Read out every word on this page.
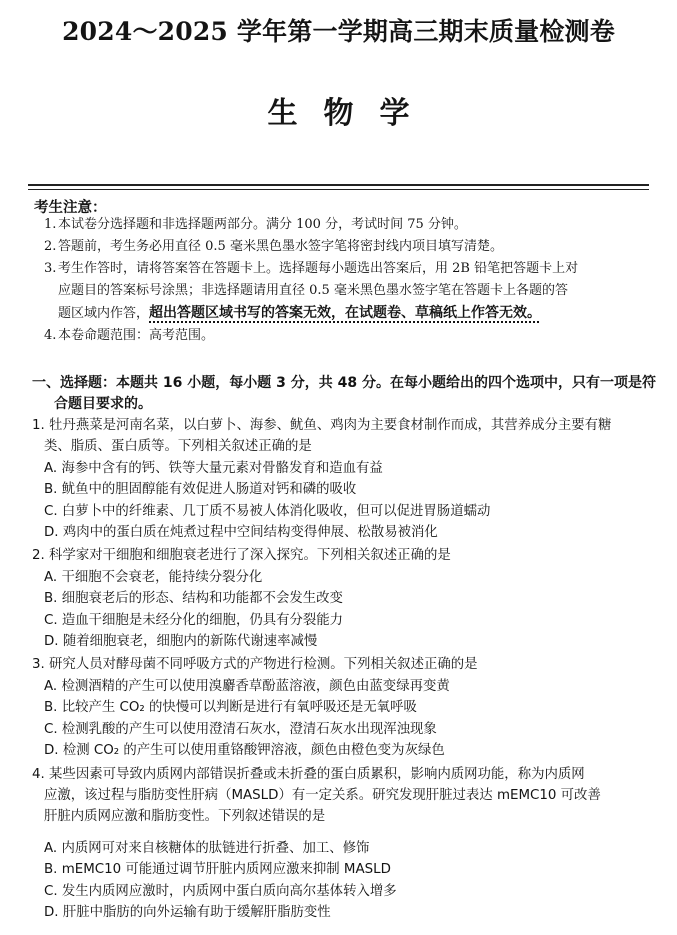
2024～2025 学年第一学期高三期末质量检测卷
生物学
考生注意：
1. 本试卷分选择题和非选择题两部分。满分 100 分，考试时间 75 分钟。
2. 答题前，考生务必用直径 0.5 毫米黑色墨水签字笔将密封线内项目填写清楚。
3. 考生作答时，请将答案答在答题卡上。选择题每小题选出答案后，用 2B 铅笔把答题卡上对
应题目的答案标号涂黑；非选择题请用直径 0.5 毫米黑色墨水签字笔在答题卡上各题的答
题区域内作答，超出答题区域书写的答案无效，在试题卷、草稿纸上作答无效。
4. 本卷命题范围：高考范围。
一、选择题：本题共 16 小题，每小题 3 分，共 48 分。在每小题给出的四个选项中，只有一项是符
合题目要求的。
1. 牡丹燕菜是河南名菜，以白萝卜、海参、鱿鱼、鸡肉为主要食材制作而成，其营养成分主要有糖
类、脂质、蛋白质等。下列相关叙述正确的是
A. 海参中含有的钙、铁等大量元素对骨骼发育和造血有益
B. 鱿鱼中的胆固醇能有效促进人肠道对钙和磷的吸收
C. 白萝卜中的纤维素、几丁质不易被人体消化吸收，但可以促进胃肠道蠕动
D. 鸡肉中的蛋白质在炖煮过程中空间结构变得伸展、松散易被消化
2. 科学家对干细胞和细胞衰老进行了深入探究。下列相关叙述正确的是
A. 干细胞不会衰老，能持续分裂分化
B. 细胞衰老后的形态、结构和功能都不会发生改变
C. 造血干细胞是未经分化的细胞，仍具有分裂能力
D. 随着细胞衰老，细胞内的新陈代谢速率减慢
3. 研究人员对酵母菌不同呼吸方式的产物进行检测。下列相关叙述正确的是
A. 检测酒精的产生可以使用溴麝香草酚蓝溶液，颜色由蓝变绿再变黄
B. 比较产生 CO₂ 的快慢可以判断是进行有氧呼吸还是无氧呼吸
C. 检测乳酸的产生可以使用澄清石灰水，澄清石灰水出现浑浊现象
D. 检测 CO₂ 的产生可以使用重铬酸钾溶液，颜色由橙色变为灰绿色
4. 某些因素可导致内质网内部错误折叠或未折叠的蛋白质累积，影响内质网功能，称为内质网
应激，该过程与脂肪变性肝病（MASLD）有一定关系。研究发现肝脏过表达 mEMC10 可改善
肝脏内质网应激和脂肪变性。下列叙述错误的是
A. 内质网可对来自核糖体的肽链进行折叠、加工、修饰
B. mEMC10 可能通过调节肝脏内质网应激来抑制 MASLD
C. 发生内质网应激时，内质网中蛋白质向高尔基体转入增多
D. 肝脏中脂肪的向外运输有助于缓解肝脂肪变性
